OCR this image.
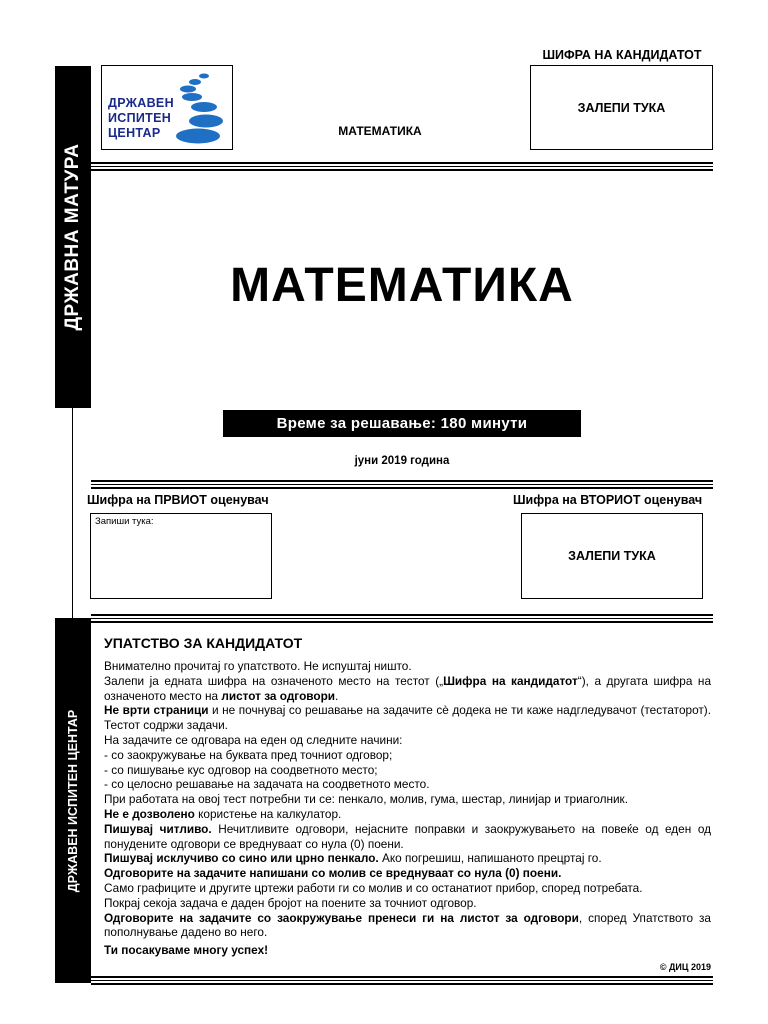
ДРЖАВНА МАТУРА
ДРЖАВЕН ИСПИТЕН ЦЕНТАР
ДРЖАВЕН
ИСПИТЕН
ЦЕНТАР
ШИФРА НА КАНДИДАТОТ
ЗАЛЕПИ ТУКА
МАТЕМАТИКА
МАТЕМАТИКА
Време за решавање: 180 минути
јуни 2019 година
Шифра на ПРВИОТ оценувач	Шифра на ВТОРИОТ оценувач
Запиши тука:
ЗАЛЕПИ ТУКА
УПАТСТВО ЗА КАНДИДАТОТ

Внимателно прочитај го упатството. Не испуштај ништо.

Залепи ја едната шифра на означеното место на тестот („Шифра на кандидатот“), а другата шифра на означеното место на листот за одговори.

Не врти страници и не почнувај со решавање на задачите сè додека не ти каже надгледувачот (тестаторот). Тестот содржи задачи.

На задачите се одговара на еден од следните начини:

- со заокружување на буквата пред точниот одговор;

- со пишување кус одговор на соодветното место;

- со целосно решавање на задачата на соодветното место.

При работата на овој тест потребни ти се: пенкало, молив, гума, шестар, линијар и триаголник.

Не е дозволено користење на калкулатор.

Пишувај читливо. Нечитливите одговори, нејасните поправки и заокружувањето на повеќе од еден од понудените одговори се вреднуваат со нула (0) поени.

Пишувај исклучиво со сино или црно пенкало. Ако погрешиш, напишаното прецртај го.

Одговорите на задачите напишани со молив се вреднуваат со нула (0) поени.

Само графиците и другите цртежи работи ги со молив и со останатиот прибор, според потребата.

Покрај секоја задача е даден бројот на поените за точниот одговор.

Одговорите на задачите со заокружување пренеси ги на листот за одговори, според Упатството за пополнување дадено во него.

Ти посакуваме многу успех!
© ДИЦ 2019
